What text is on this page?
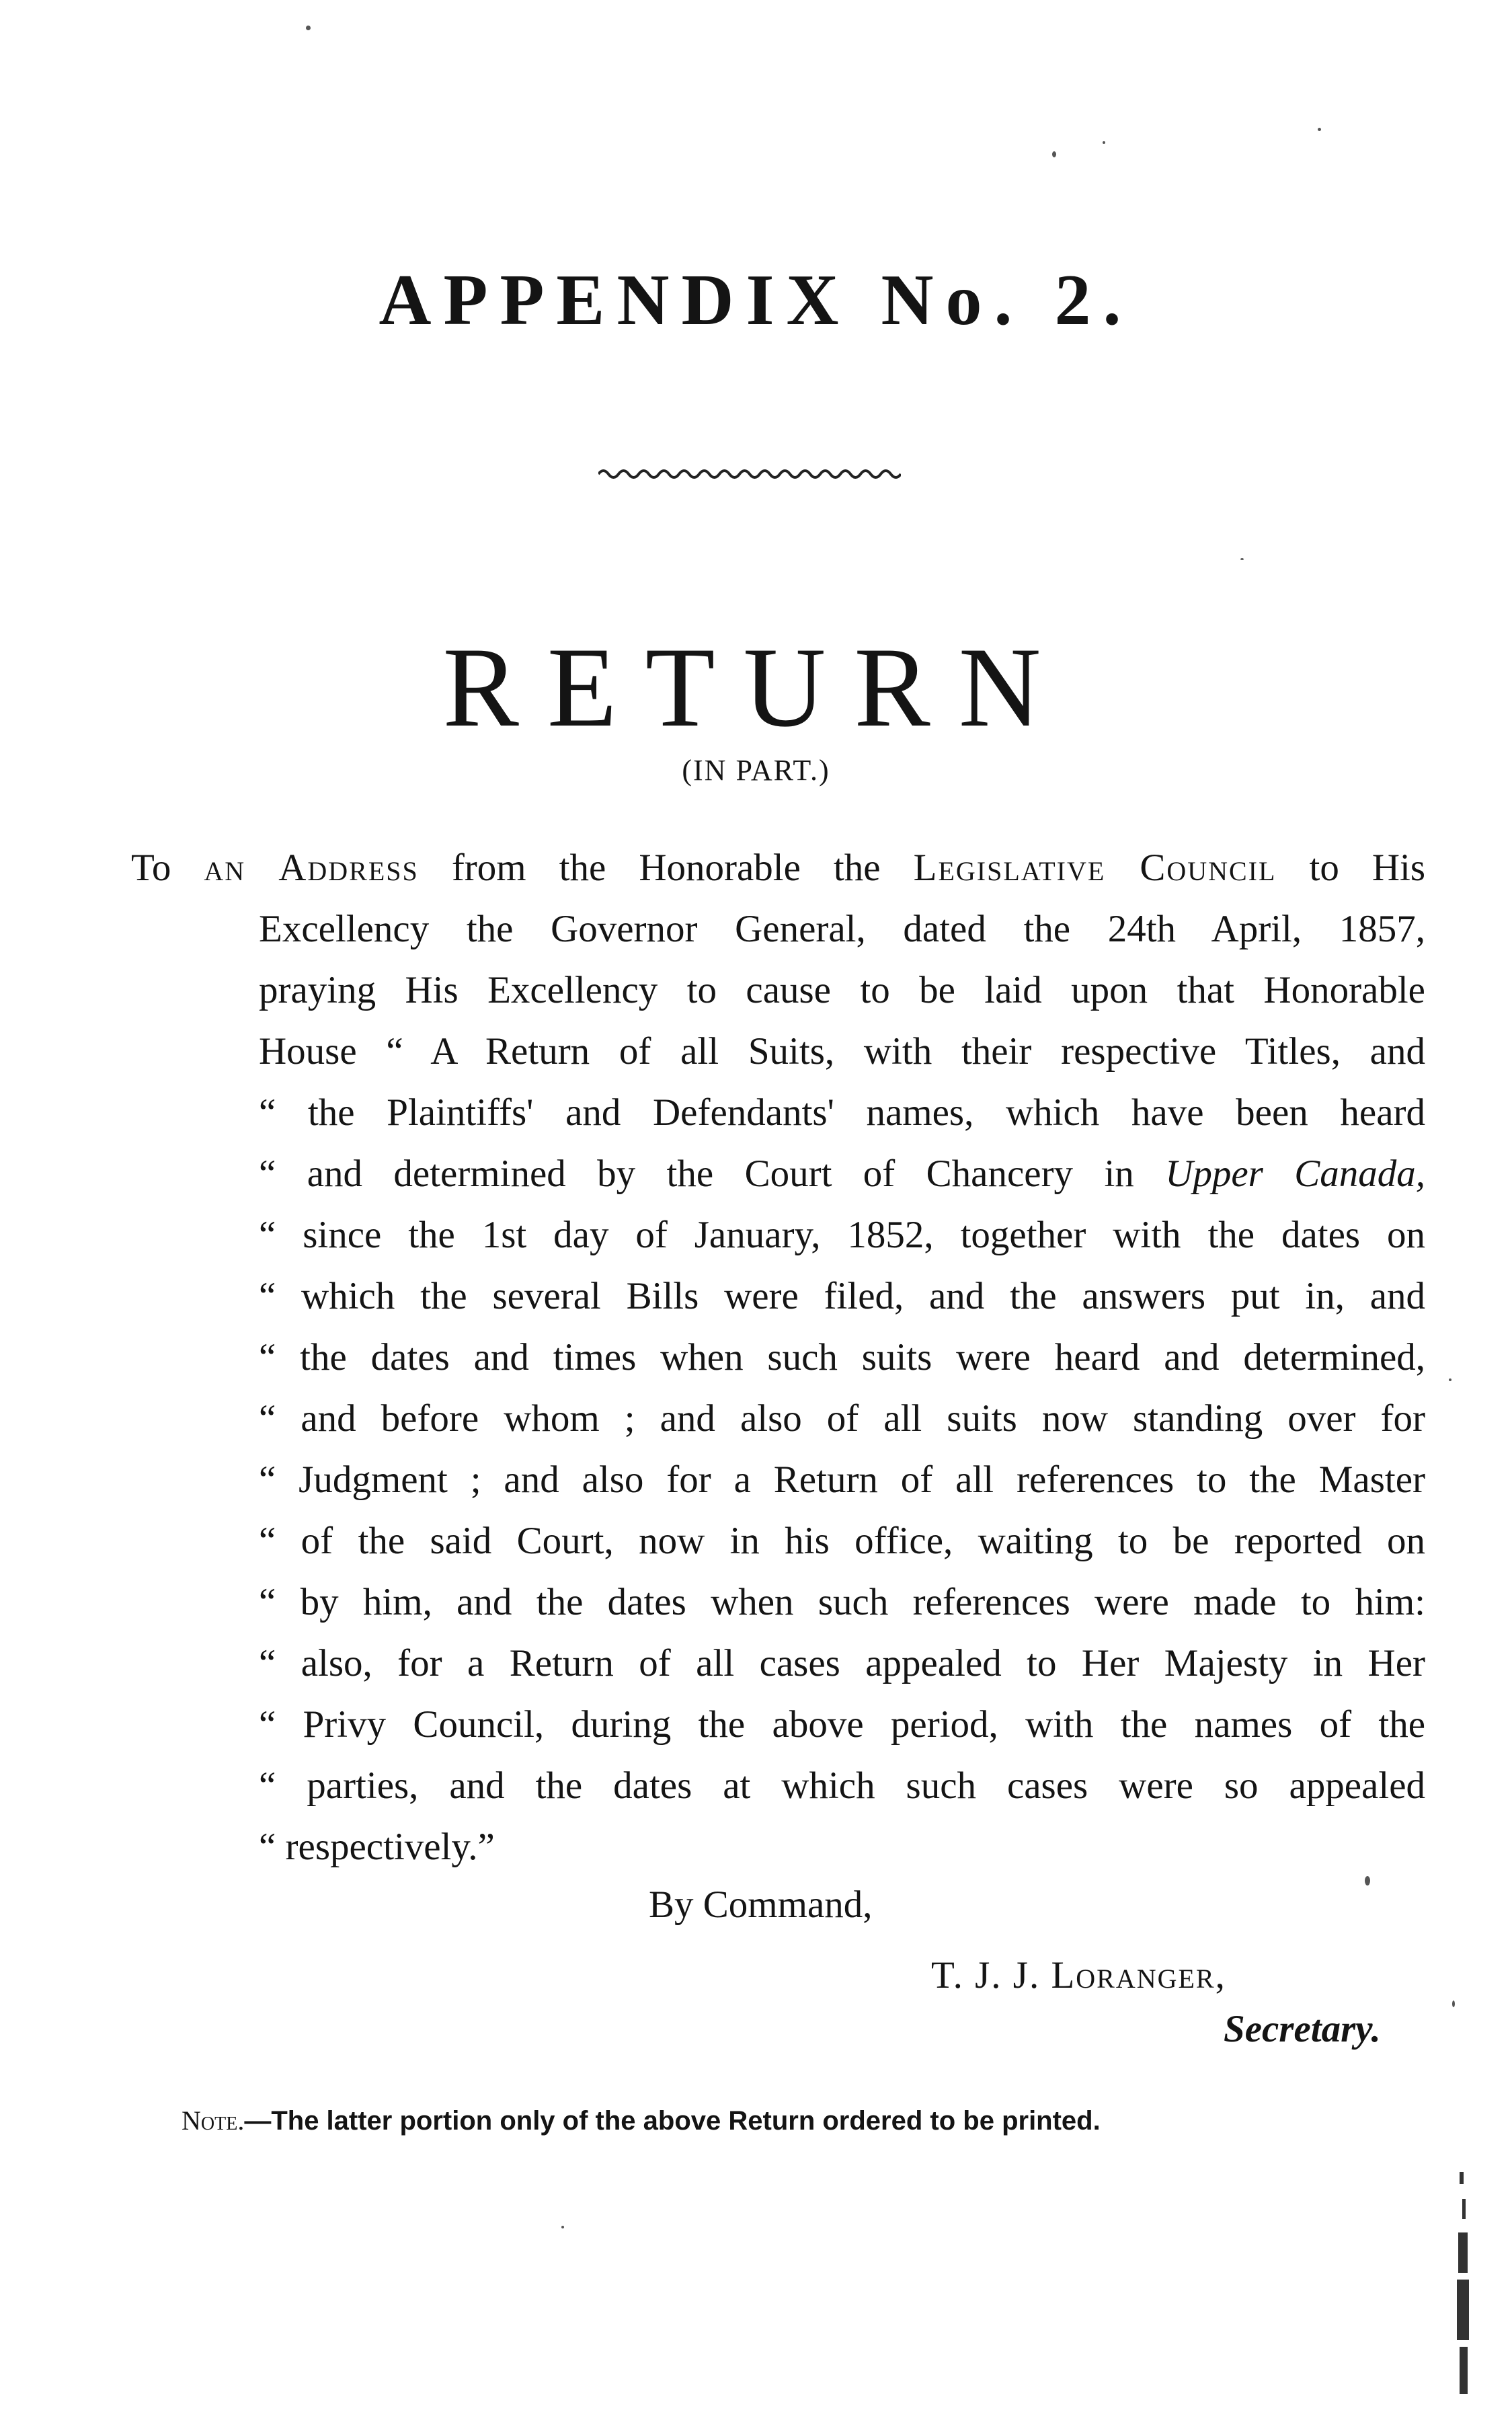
APPENDIX No. 2.
RETURN
(IN PART.)
To an Address from the Honorable the Legislative Council to His
Excellency the Governor General, dated the 24th April, 1857,
praying His Excellency to cause to be laid upon that Honorable
House “ A Return of all Suits, with their respective Titles, and
“ the Plaintiffs' and Defendants' names, which have been heard
“ and determined by the Court of Chancery in Upper Canada,
“ since the 1st day of January, 1852, together with the dates on
“ which the several Bills were filed, and the answers put in, and
“ the dates and times when such suits were heard and determined,
“ and before whom ; and also of all suits now standing over for
“ Judgment ; and also for a Return of all references to the Master
“ of the said Court, now in his office, waiting to be reported on
“ by him, and the dates when such references were made to him:
“ also, for a Return of all cases appealed to Her Majesty in Her
“ Privy Council, during the above period, with the names of the
“ parties, and the dates at which such cases were so appealed
“ respectively.”
By Command,
T. J. J. Loranger,
Secretary.
Note.—The latter portion only of the above Return ordered to be printed.
